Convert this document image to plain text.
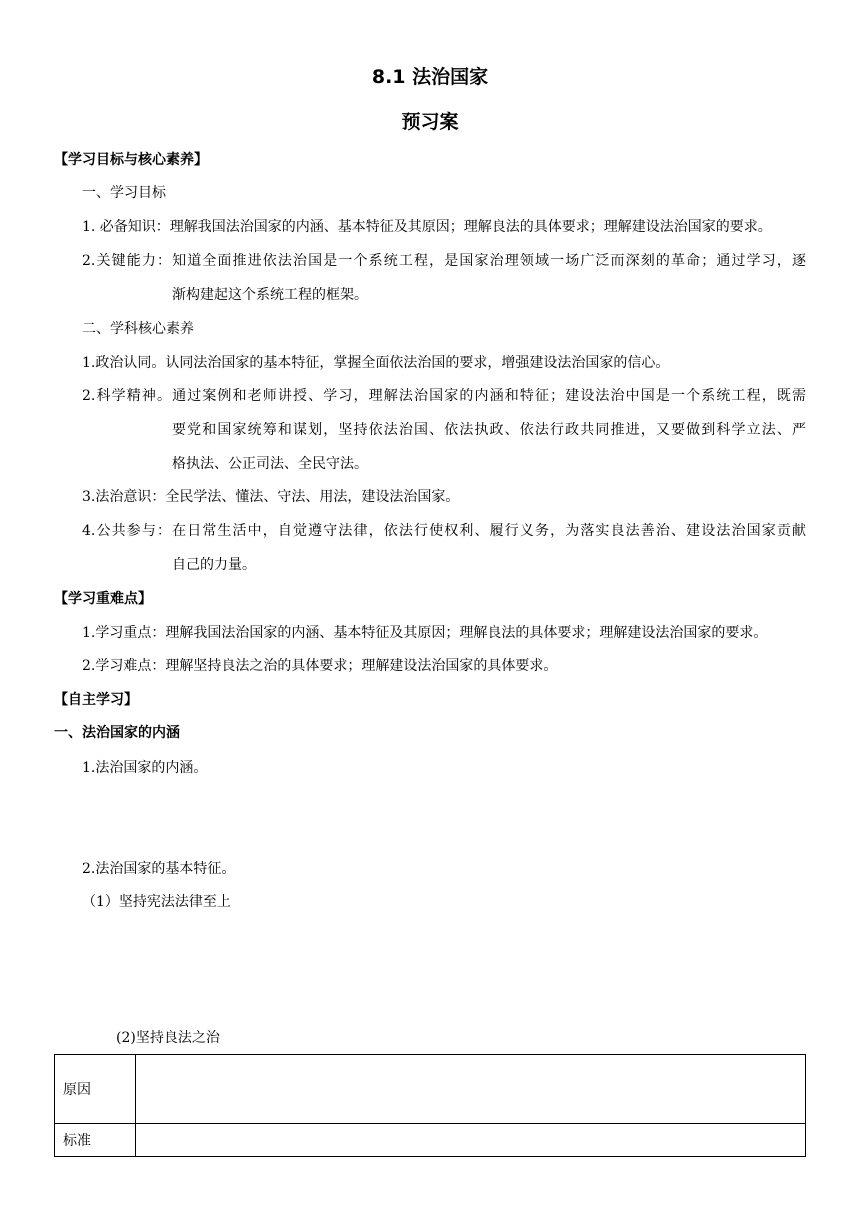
8.1 法治国家
预习案
【学习目标与核心素养】
一、学习目标
1. 必备知识：理解我国法治国家的内涵、基本特征及其原因；理解良法的具体要求；理解建设法治国家的要求。
2.关键能力：知道全面推进依法治国是一个系统工程，是国家治理领域一场广泛而深刻的革命；通过学习，逐
渐构建起这个系统工程的框架。
二、学科核心素养
1.政治认同。认同法治国家的基本特征，掌握全面依法治国的要求，增强建设法治国家的信心。
2.科学精神。通过案例和老师讲授、学习，理解法治国家的内涵和特征；建设法治中国是一个系统工程，既需
要党和国家统筹和谋划，坚持依法治国、依法执政、依法行政共同推进，又要做到科学立法、严
格执法、公正司法、全民守法。
3.法治意识：全民学法、懂法、守法、用法，建设法治国家。
4.公共参与：在日常生活中，自觉遵守法律，依法行使权利、履行义务，为落实良法善治、建设法治国家贡献
自己的力量。
【学习重难点】
1.学习重点：理解我国法治国家的内涵、基本特征及其原因；理解良法的具体要求；理解建设法治国家的要求。
2.学习难点：理解坚持良法之治的具体要求；理解建设法治国家的具体要求。
【自主学习】
一、法治国家的内涵
1.法治国家的内涵。
2.法治国家的基本特征。
（1）坚持宪法法律至上
(2)坚持良法之治
原因	
标准	
